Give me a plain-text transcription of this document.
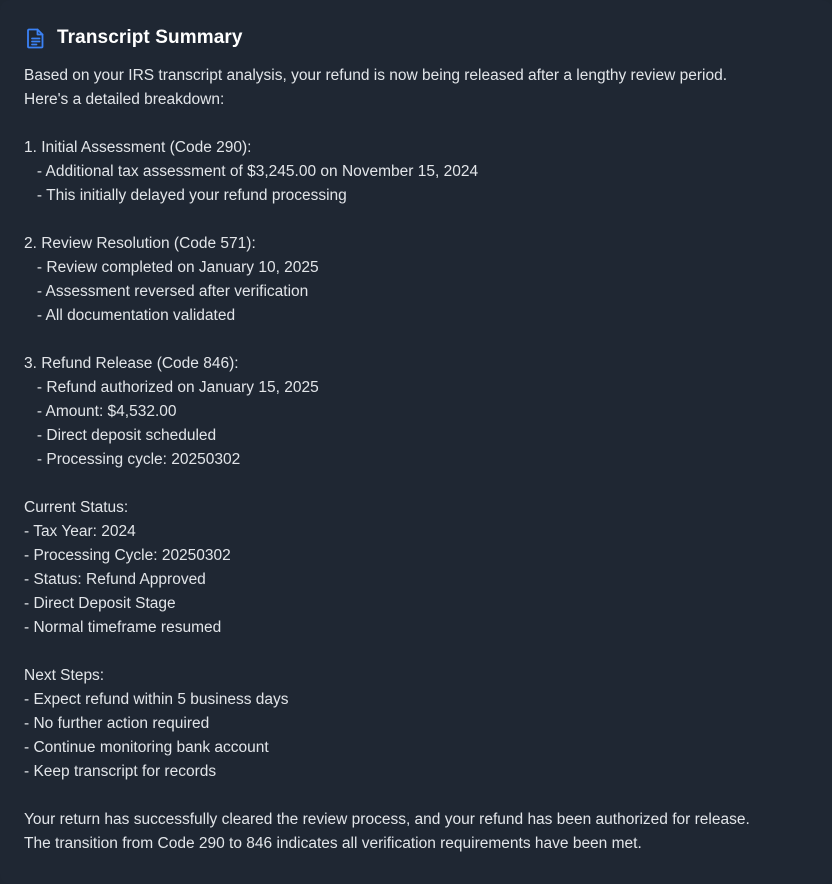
Transcript Summary
Based on your IRS transcript analysis, your refund is now being released after a lengthy review period.
Here's a detailed breakdown:
1. Initial Assessment (Code 290):
- Additional tax assessment of $3,245.00 on November 15, 2024
- This initially delayed your refund processing
2. Review Resolution (Code 571):
- Review completed on January 10, 2025
- Assessment reversed after verification
- All documentation validated
3. Refund Release (Code 846):
- Refund authorized on January 15, 2025
- Amount: $4,532.00
- Direct deposit scheduled
- Processing cycle: 20250302
Current Status:
- Tax Year: 2024
- Processing Cycle: 20250302
- Status: Refund Approved
- Direct Deposit Stage
- Normal timeframe resumed
Next Steps:
- Expect refund within 5 business days
- No further action required
- Continue monitoring bank account
- Keep transcript for records
Your return has successfully cleared the review process, and your refund has been authorized for release.
The transition from Code 290 to 846 indicates all verification requirements have been met.
